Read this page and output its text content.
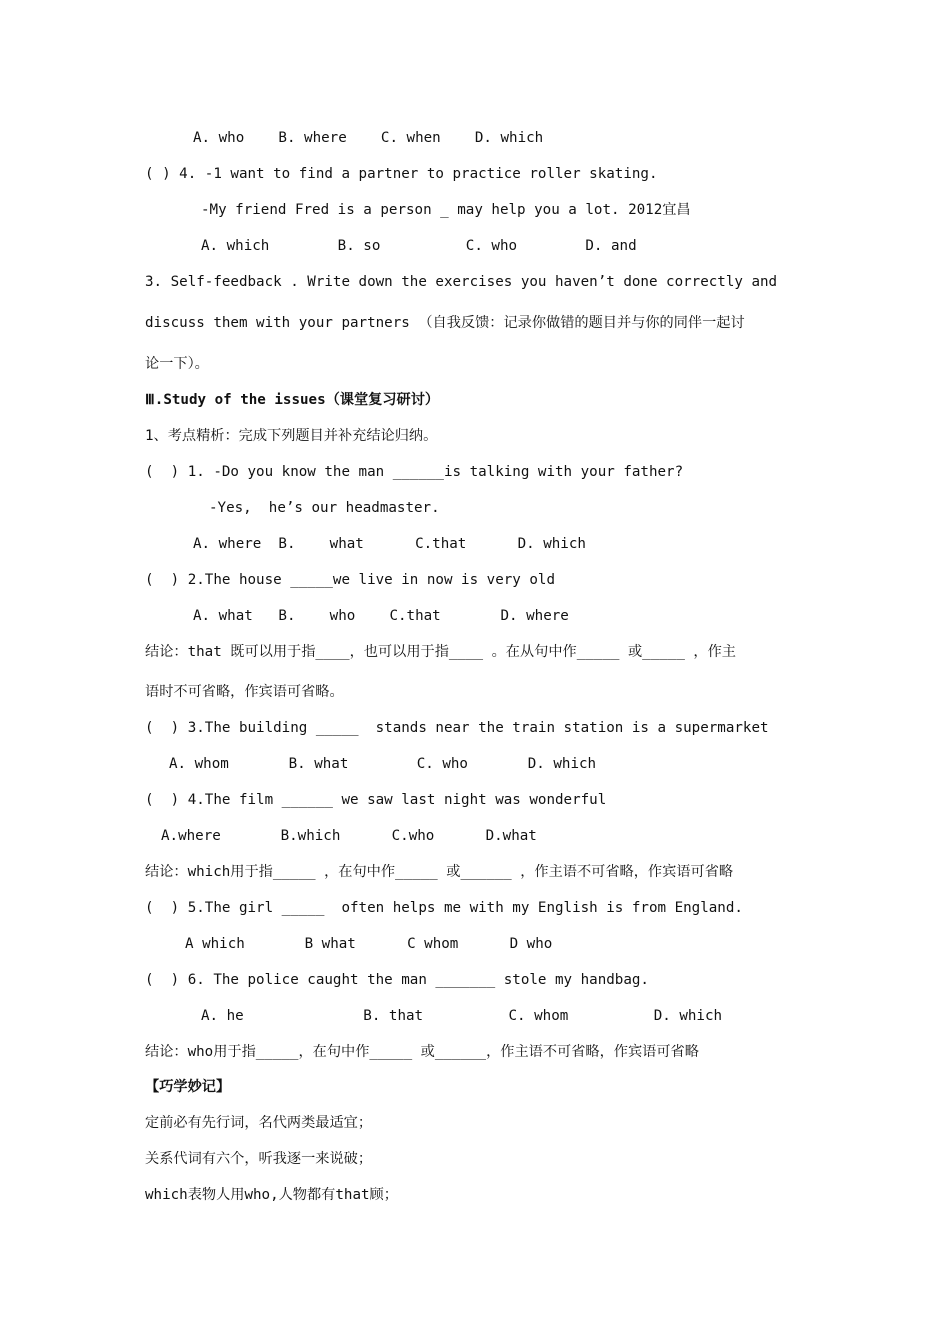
A. who    B. where    C. when    D. which
( ) 4. -1 want to find a partner to practice roller skating.
-My friend Fred is a person _ may help you a lot. 2012宜昌
A. which        B. so          C. who        D. and
3. Self-feedback . Write down the exercises you haven’t done correctly and
discuss them with your partners （自我反馈：记录你做错的题目并与你的同伴一起讨
论一下）。
Ⅲ.Study of the issues（课堂复习研讨）
1、考点精析：完成下列题目并补充结论归纳。
(  ) 1. -Do you know the man ______is talking with your father?
-Yes,  he’s our headmaster.
A. where  B.    what      C.that      D. which
(  ) 2.The house _____we live in now is very old
A. what   B.    who    C.that       D. where
结论：that 既可以用于指____，也可以用于指____ 。在从句中作_____ 或_____ ，作主
语时不可省略，作宾语可省略。
(  ) 3.The building _____  stands near the train station is a supermarket
A. whom       B. what        C. who       D. which
(  ) 4.The film ______ we saw last night was wonderful
A.where       B.which      C.who      D.what
结论：which用于指_____ ，在句中作_____ 或______ ，作主语不可省略，作宾语可省略
(  ) 5.The girl _____  often helps me with my English is from England.
A which       B what      C whom      D who
(  ) 6. The police caught the man _______ stole my handbag.
A. he              B. that          C. whom          D. which
结论：who用于指_____，在句中作_____ 或______，作主语不可省略，作宾语可省略
【巧学妙记】
定前必有先行词，名代两类最适宜；
关系代词有六个，听我逐一来说破；
which表物人用who,人物都有that顾；
